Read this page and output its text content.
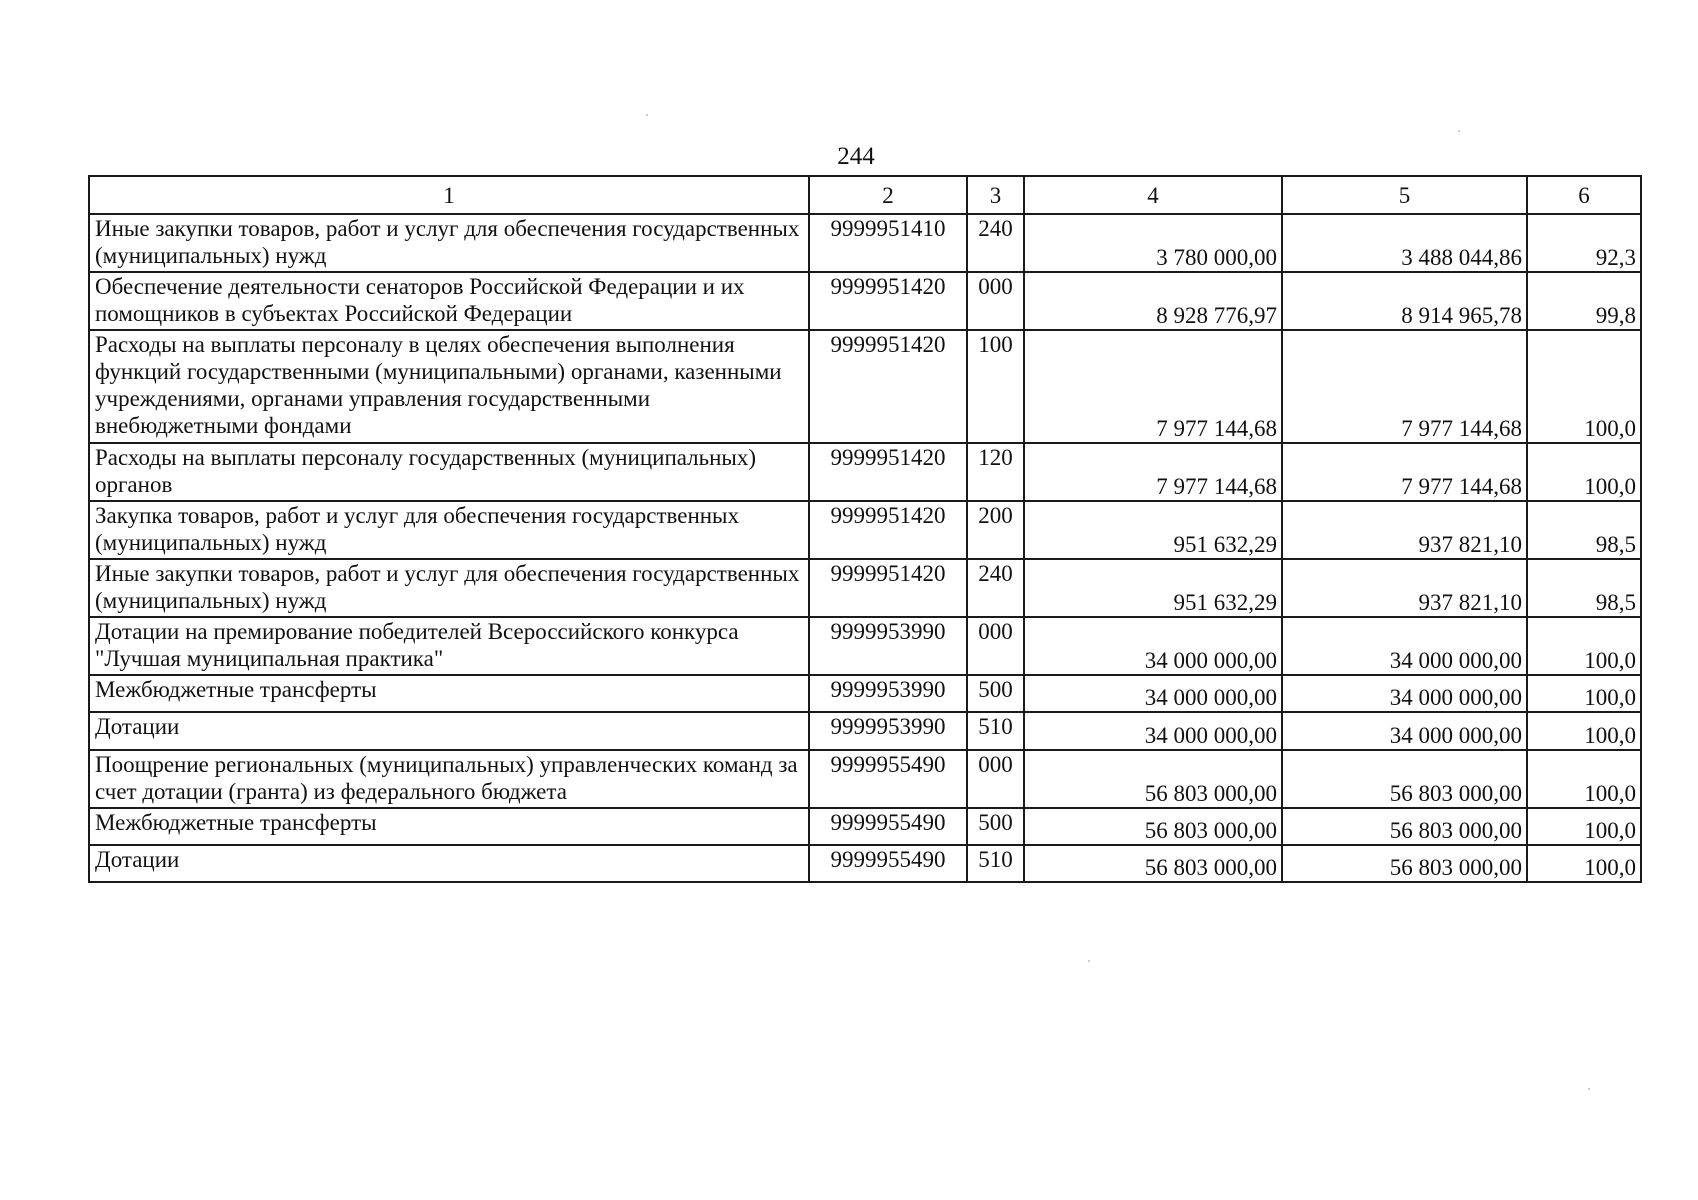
244
1	2	3	4	5	6
Иные закупки товаров, работ и услуг для обеспечения государственных (муниципальных) нужд	9999951410	240	3 780 000,00	3 488 044,86	92,3
Обеспечение деятельности сенаторов Российской Федерации и их помощников в субъектах Российской Федерации	9999951420	000	8 928 776,97	8 914 965,78	99,8
Расходы на выплаты персоналу в целях обеспечения выполнения функций государственными (муниципальными) органами, казенными учреждениями, органами управления государственными внебюджетными фондами	9999951420	100	7 977 144,68	7 977 144,68	100,0
Расходы на выплаты персоналу государственных (муниципальных) органов	9999951420	120	7 977 144,68	7 977 144,68	100,0
Закупка товаров, работ и услуг для обеспечения государственных (муниципальных) нужд	9999951420	200	951 632,29	937 821,10	98,5
Иные закупки товаров, работ и услуг для обеспечения государственных (муниципальных) нужд	9999951420	240	951 632,29	937 821,10	98,5
Дотации на премирование победителей Всероссийского конкурса "Лучшая муниципальная практика"	9999953990	000	34 000 000,00	34 000 000,00	100,0
Межбюджетные трансферты	9999953990	500	34 000 000,00	34 000 000,00	100,0
Дотации	9999953990	510	34 000 000,00	34 000 000,00	100,0
Поощрение региональных (муниципальных) управленческих команд за счет дотации (гранта) из федерального бюджета	9999955490	000	56 803 000,00	56 803 000,00	100,0
Межбюджетные трансферты	9999955490	500	56 803 000,00	56 803 000,00	100,0
Дотации	9999955490	510	56 803 000,00	56 803 000,00	100,0
